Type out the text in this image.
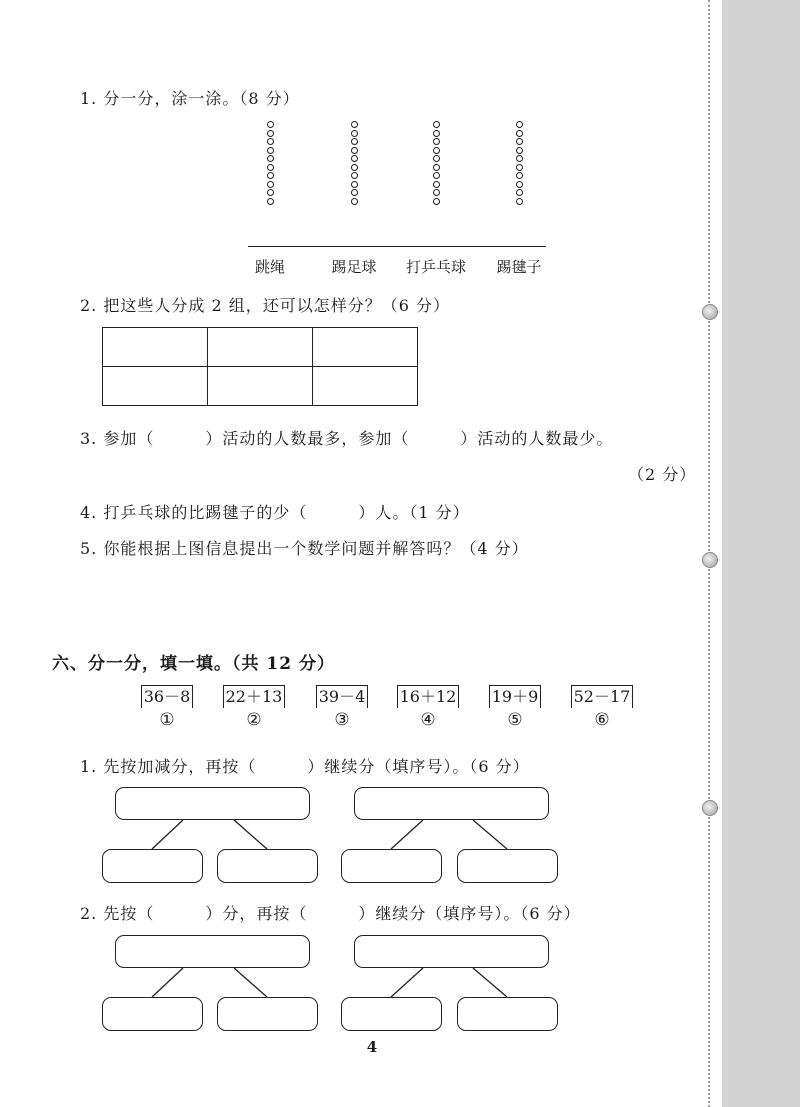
1. 分一分，涂一涂。（8 分）
跳绳	踢足球	打乒乓球	踢毽子
2. 把这些人分成 2 组，还可以怎样分？（6 分）

3. 参加（　　　）活动的人数最多，参加（　　　）活动的人数最少。
（2 分）
4. 打乒乓球的比踢毽子的少（　　　）人。（1 分）
5. 你能根据上图信息提出一个数学问题并解答吗？（4 分）
六、分一分，填一填。（共 12 分）
36－8
①
22＋13
②
39－4
③
16＋12
④
19＋9
⑤
52－17
⑥
1. 先按加减分，再按（　　　）继续分（填序号）。（6 分）
2. 先按（　　　）分，再按（　　　）继续分（填序号）。（6 分）
4
